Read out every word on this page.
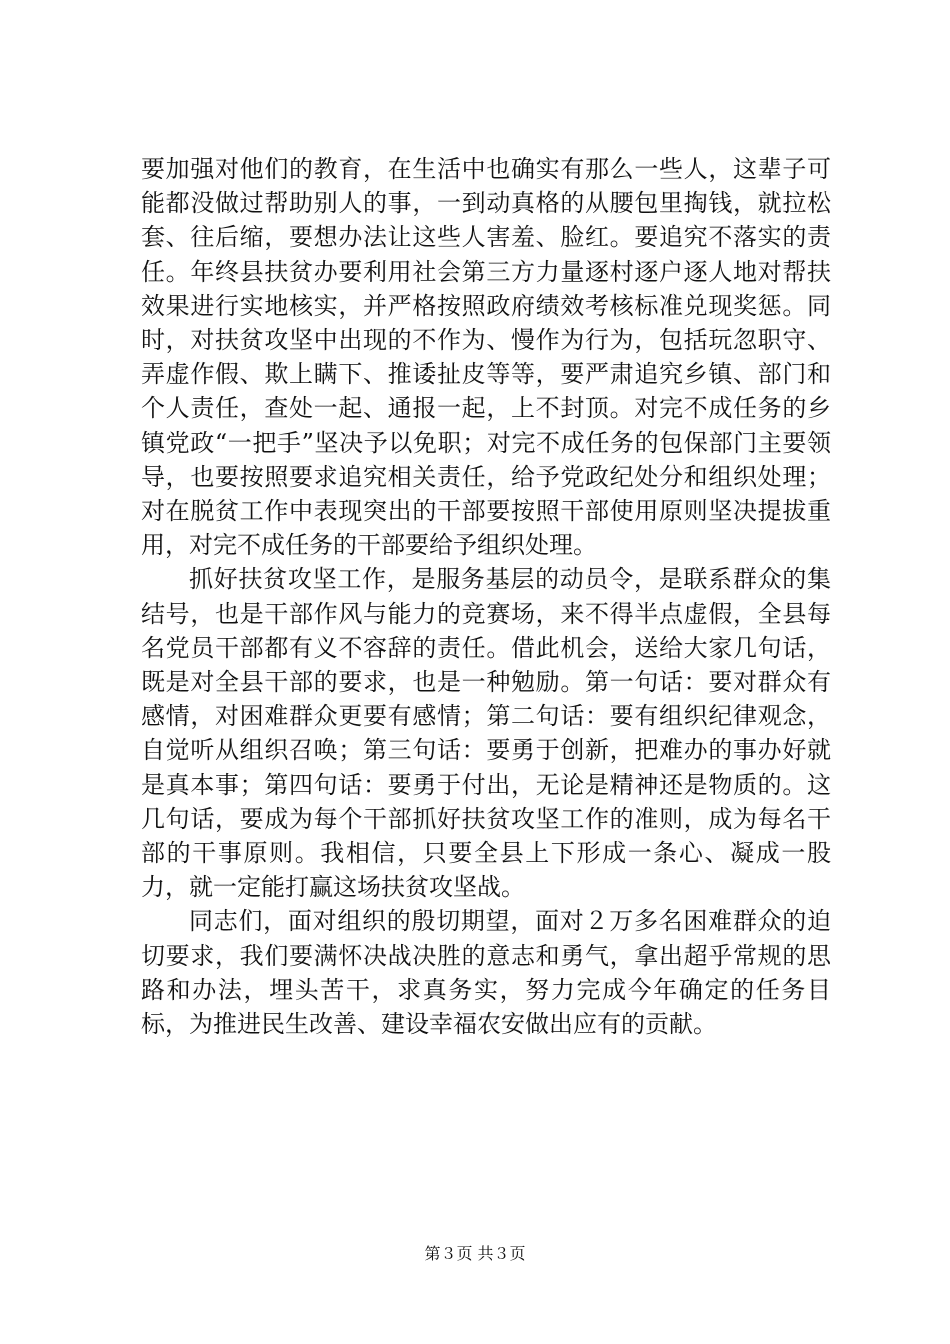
要加强对他们的教育，在生活中也确实有那么一些人，这辈子可能都没做过帮助别人的事，一到动真格的从腰包里掏钱，就拉松套、往后缩，要想办法让这些人害羞、脸红。要追究不落实的责任。年终县扶贫办要利用社会第三方力量逐村逐户逐人地对帮扶效果进行实地核实，并严格按照政府绩效考核标准兑现奖惩。同时，对扶贫攻坚中出现的不作为、慢作为行为，包括玩忽职守、弄虚作假、欺上瞒下、推诿扯皮等等，要严肃追究乡镇、部门和个人责任，查处一起、通报一起，上不封顶。对完不成任务的乡镇党政“一把手”坚决予以免职；对完不成任务的包保部门主要领导，也要按照要求追究相关责任，给予党政纪处分和组织处理；对在脱贫工作中表现突出的干部要按照干部使用原则坚决提拔重用，对完不成任务的干部要给予组织处理。

抓好扶贫攻坚工作，是服务基层的动员令，是联系群众的集结号，也是干部作风与能力的竞赛场，来不得半点虚假，全县每名党员干部都有义不容辞的责任。借此机会，送给大家几句话，既是对全县干部的要求，也是一种勉励。第一句话：要对群众有感情，对困难群众更要有感情；第二句话：要有组织纪律观念，自觉听从组织召唤；第三句话：要勇于创新，把难办的事办好就是真本事；第四句话：要勇于付出，无论是精神还是物质的。这几句话，要成为每个干部抓好扶贫攻坚工作的准则，成为每名干部的干事原则。我相信，只要全县上下形成一条心、凝成一股力，就一定能打赢这场扶贫攻坚战。

同志们，面对组织的殷切期望，面对２万多名困难群众的迫切要求，我们要满怀决战决胜的意志和勇气，拿出超乎常规的思路和办法，埋头苦干，求真务实，努力完成今年确定的任务目标，为推进民生改善、建设幸福农安做出应有的贡献。

第３页 共３页
